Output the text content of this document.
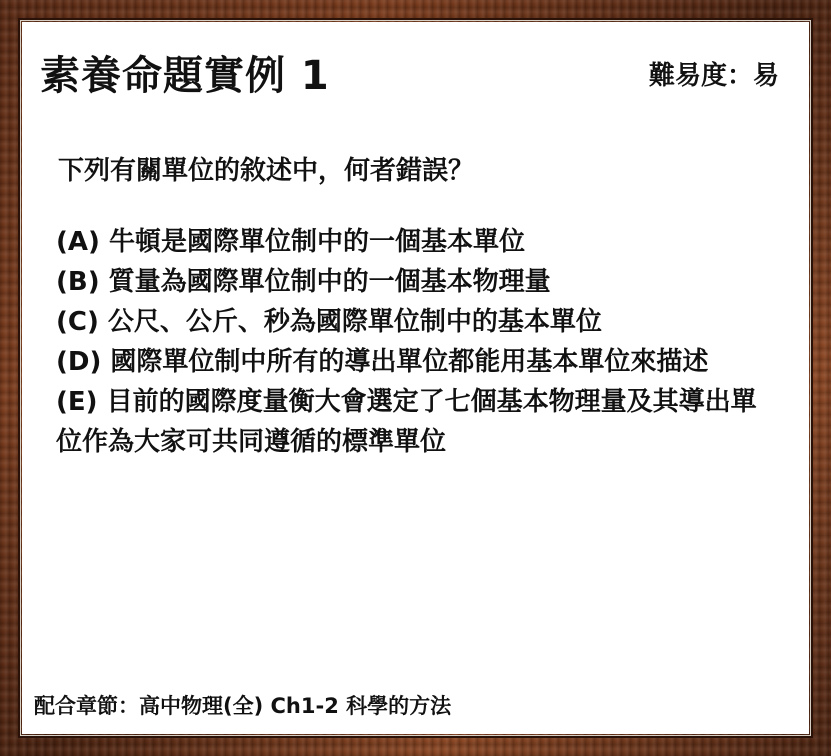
素養命題實例 1	難易度：易
下列有關單位的敘述中，何者錯誤？
(A) 牛頓是國際單位制中的一個基本單位
(B) 質量為國際單位制中的一個基本物理量
(C) 公尺、公斤、秒為國際單位制中的基本單位
(D) 國際單位制中所有的導出單位都能用基本單位來描述
(E) 目前的國際度量衡大會選定了七個基本物理量及其導出單位作為大家可共同遵循的標準單位
配合章節：高中物理(全) Ch1-2 科學的方法
